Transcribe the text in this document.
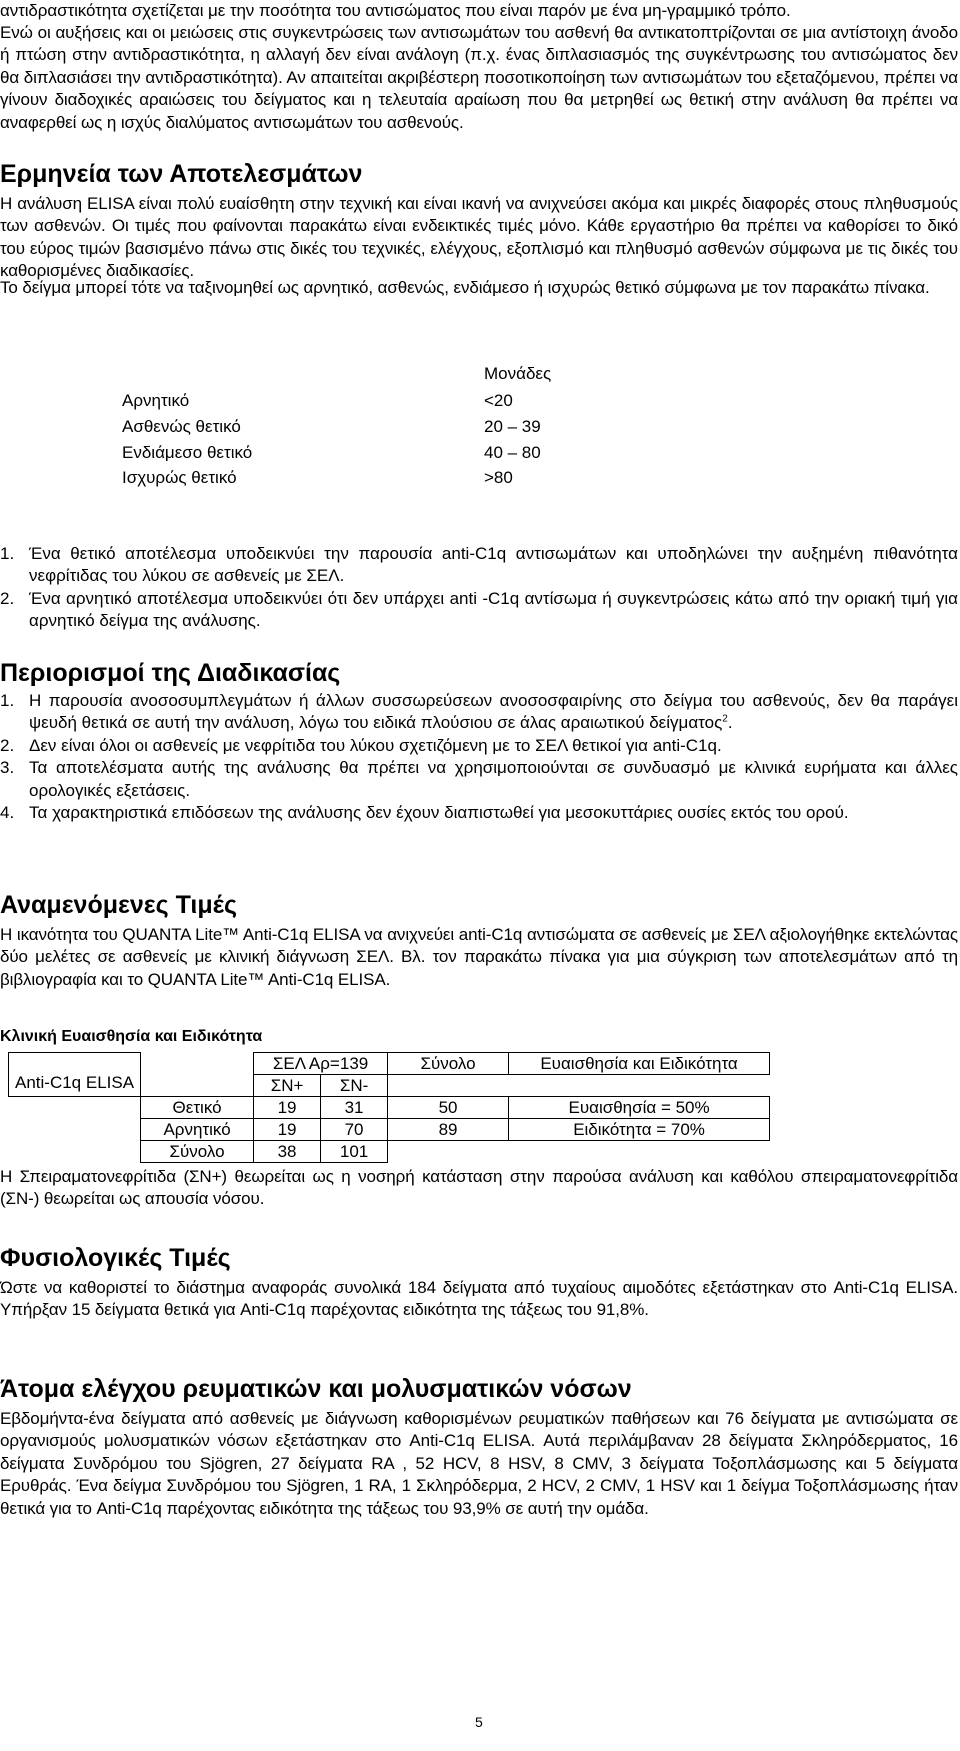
αντιδραστικότητα σχετίζεται με την ποσότητα του αντισώματος που είναι παρόν με ένα μη-γραμμικό τρόπο.
Ενώ οι αυξήσεις και οι μειώσεις στις συγκεντρώσεις των αντισωμάτων του ασθενή θα αντικατοπτρίζονται σε μια αντίστοιχη άνοδο ή πτώση στην αντιδραστικότητα, η αλλαγή δεν είναι ανάλογη (π.χ. ένας διπλασιασμός της συγκέντρωσης του αντισώματος δεν θα διπλασιάσει την αντιδραστικότητα). Αν απαιτείται ακριβέστερη ποσοτικοποίηση των αντισωμάτων του εξεταζόμενου, πρέπει να γίνουν διαδοχικές αραιώσεις του δείγματος και η τελευταία αραίωση που θα μετρηθεί ως θετική στην ανάλυση θα πρέπει να αναφερθεί ως η ισχύς διαλύματος αντισωμάτων του ασθενούς.
Ερμηνεία των Αποτελεσμάτων
Η ανάλυση ELISA είναι πολύ ευαίσθητη στην τεχνική και είναι ικανή να ανιχνεύσει ακόμα και μικρές διαφορές στους πληθυσμούς των ασθενών. Οι τιμές που φαίνονται παρακάτω είναι ενδεικτικές τιμές μόνο. Κάθε εργαστήριο θα πρέπει να καθορίσει το δικό του εύρος τιμών βασισμένο πάνω στις δικές του τεχνικές, ελέγχους, εξοπλισμό και πληθυσμό ασθενών σύμφωνα με τις δικές του καθορισμένες διαδικασίες.
Το δείγμα μπορεί τότε να ταξινομηθεί ως αρνητικό, ασθενώς, ενδιάμεσο ή ισχυρώς θετικό σύμφωνα με τον παρακάτω πίνακα.
Μονάδες
Αρνητικό	<20
Ασθενώς θετικό	20 – 39
Ενδιάμεσο θετικό	40 – 80
Ισχυρώς θετικό	>80
1. Ένα θετικό αποτέλεσμα υποδεικνύει την παρουσία anti-C1q αντισωμάτων και υποδηλώνει την αυξημένη πιθανότητα νεφρίτιδας του λύκου σε ασθενείς με ΣΕΛ.
2. Ένα αρνητικό αποτέλεσμα υποδεικνύει ότι δεν υπάρχει anti -C1q αντίσωμα ή συγκεντρώσεις κάτω από την οριακή τιμή για αρνητικό δείγμα της ανάλυσης.
Περιορισμοί της Διαδικασίας
1. Η παρουσία ανοσοσυμπλεγμάτων ή άλλων συσσωρεύσεων ανοσοσφαιρίνης στο δείγμα του ασθενούς, δεν θα παράγει ψευδή θετικά σε αυτή την ανάλυση, λόγω του ειδικά πλούσιου σε άλας αραιωτικού δείγματος$^2$.
2. Δεν είναι όλοι οι ασθενείς με νεφρίτιδα του λύκου σχετιζόμενη με το ΣΕΛ θετικοί για anti-C1q.
3. Τα αποτελέσματα αυτής της ανάλυσης θα πρέπει να χρησιμοποιούνται σε συνδυασμό με κλινικά ευρήματα και άλλες ορολογικές εξετάσεις.
4. Τα χαρακτηριστικά επιδόσεων της ανάλυσης δεν έχουν διαπιστωθεί για μεσοκυττάριες ουσίες εκτός του ορού.
Αναμενόμενες Τιμές
Η ικανότητα του QUANTA Lite™ Anti-C1q ELISA να ανιχνεύει anti-C1q αντισώματα σε ασθενείς με ΣΕΛ αξιολογήθηκε εκτελώντας δύο μελέτες σε ασθενείς με κλινική διάγνωση ΣΕΛ. Βλ. τον παρακάτω πίνακα για μια σύγκριση των αποτελεσμάτων από τη βιβλιογραφία και το QUANTA Lite™ Anti-C1q ELISA.
Κλινική Ευαισθησία και Ειδικότητα
Anti-C1q ELISA		ΣΕΛ Αρ=139		Σύνολο	Ευαισθησία και Ειδικότητα
		ΣΝ+	ΣΝ-		
	Θετικό	19	31	50	Ευαισθησία = 50%
	Αρνητικό	19	70	89	Ειδικότητα = 70%
	Σύνολο	38	101		
Η Σπειραματονεφρίτιδα (ΣΝ+) θεωρείται ως η νοσηρή κατάσταση στην παρούσα ανάλυση και καθόλου σπειραματονεφρίτιδα (ΣΝ-) θεωρείται ως απουσία νόσου.
Φυσιολογικές Τιμές
Ώστε να καθοριστεί το διάστημα αναφοράς συνολικά 184 δείγματα από τυχαίους αιμοδότες εξετάστηκαν στο Anti-C1q ELISA. Υπήρξαν 15 δείγματα θετικά για Anti-C1q παρέχοντας ειδικότητα της τάξεως του 91,8%.
Άτομα ελέγχου ρευματικών και μολυσματικών νόσων
Εβδομήντα-ένα δείγματα από ασθενείς με διάγνωση καθορισμένων ρευματικών παθήσεων και 76 δείγματα με αντισώματα σε οργανισμούς μολυσματικών νόσων εξετάστηκαν στο Anti-C1q ELISA. Αυτά περιλάμβαναν 28 δείγματα Σκληρόδερματος, 16 δείγματα Συνδρόμου του Sjögren, 27 δείγματα RA , 52 HCV, 8 HSV, 8 CMV, 3 δείγματα Τοξοπλάσμωσης και 5 δείγματα Ερυθράς. Ένα δείγμα Συνδρόμου του Sjögren, 1 RA, 1 Σκληρόδερμα, 2 HCV, 2 CMV, 1 HSV και 1 δείγμα Τοξοπλάσμωσης ήταν θετικά για το Anti-C1q παρέχοντας ειδικότητα της τάξεως του 93,9% σε αυτή την ομάδα.
5
